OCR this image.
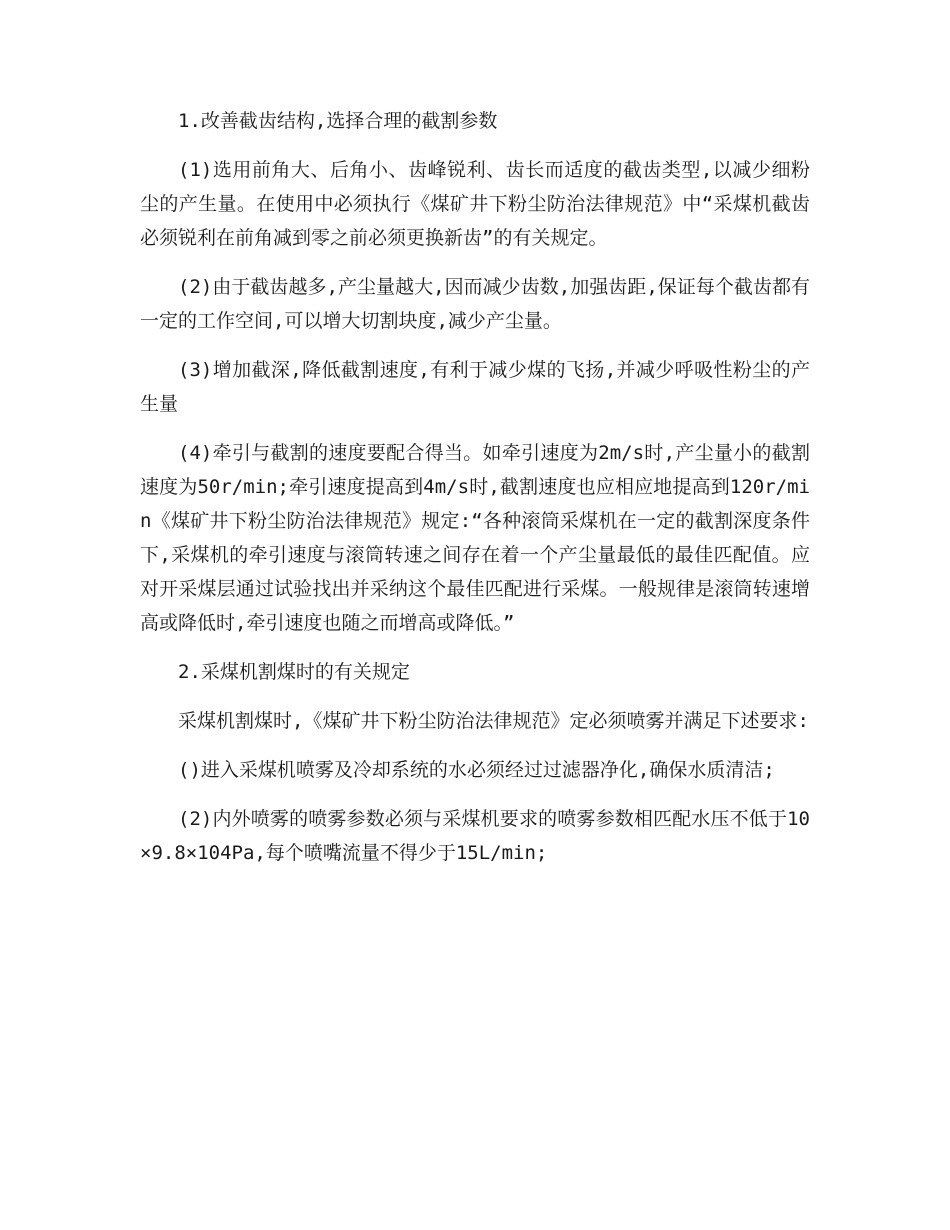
1.改善截齿结构,选择合理的截割参数

(1)选用前角大、后角小、齿峰锐利、齿长而适度的截齿类型,以减少细粉尘的产生量。在使用中必须执行《煤矿井下粉尘防治法律规范》中“采煤机截齿必须锐利在前角减到零之前必须更换新齿”的有关规定。

(2)由于截齿越多,产尘量越大,因而减少齿数,加强齿距,保证每个截齿都有一定的工作空间,可以增大切割块度,减少产尘量。

(3)增加截深,降低截割速度,有利于减少煤的飞扬,并减少呼吸性粉尘的产生量

(4)牵引与截割的速度要配合得当。如牵引速度为2m/s时,产尘量小的截割速度为50r/min;牵引速度提高到4m/s时,截割速度也应相应地提高到120r/min《煤矿井下粉尘防治法律规范》规定:“各种滚筒采煤机在一定的截割深度条件下,采煤机的牵引速度与滚筒转速之间存在着一个产尘量最低的最佳匹配值。应对开采煤层通过试验找出并采纳这个最佳匹配进行采煤。一般规律是滚筒转速增高或降低时,牵引速度也随之而增高或降低。”

2.采煤机割煤时的有关规定

采煤机割煤时,《煤矿井下粉尘防治法律规范》定必须喷雾并满足下述要求:

()进入采煤机喷雾及冷却系统的水必须经过过滤器净化,确保水质清洁;

(2)内外喷雾的喷雾参数必须与采煤机要求的喷雾参数相匹配水压不低于10×9.8×104Pa,每个喷嘴流量不得少于15L/min;
